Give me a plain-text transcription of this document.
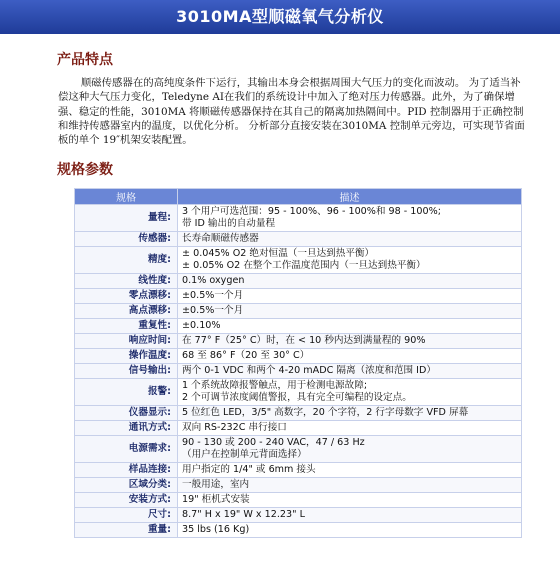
3010MA型顺磁氧气分析仪
产品特点

顺磁传感器在的高纯度条件下运行，其输出本身会根据周围大气压力的变化而波动。 为了适当补偿这种大气压力变化，Teledyne AI在我们的系统设计中加入了绝对压力传感器。此外，为了确保增强、稳定的性能，3010MA 将顺磁传感器保持在其自己的隔离加热隔间中。PID 控制器用于正确控制和维持传感器室内的温度，以优化分析。 分析部分直接安装在3010MA 控制单元旁边，可实现节省面板的单个 19″机架安装配置。

规格参数
规格	描述
量程:	3 个用户可选范围：95 - 100%、96 - 100%和 98 - 100%;
带 ID 输出的自动量程

传感器:	长寿命顺磁传感器

精度:	± 0.045% O2 绝对恒温（一旦达到热平衡）
± 0.05% O2 在整个工作温度范围内（一旦达到热平衡）

线性度:	0.1% oxygen

零点漂移:	±0.5%一个月

高点漂移:	±0.5%一个月

重复性:	±0.10%

响应时间:	在 77° F（25° C）时，在 < 10 秒内达到满量程的 90%

操作温度:	68 至 86° F（20 至 30° C）

信号输出:	两个 0-1 VDC 和两个 4-20 mADC 隔离（浓度和范围 ID）

报警:	1 个系统故障报警触点，用于检测电源故障;
2 个可调节浓度阈值警报，具有完全可编程的设定点。

仪器显示:	5 位红色 LED，3/5" 高数字，20 个字符，2 行字母数字 VFD 屏幕

通讯方式:	双向 RS-232C 串行接口

电源需求:	90 - 130 或 200 - 240 VAC，47 / 63 Hz
（用户在控制单元背面选择）

样品连接:	用户指定的 1/4" 或 6mm 接头

区域分类:	一般用途，室内

安装方式:	19" 柜机式安装

尺寸:	8.7" H x 19" W x 12.23" L

重量:	35 lbs (16 Kg)
